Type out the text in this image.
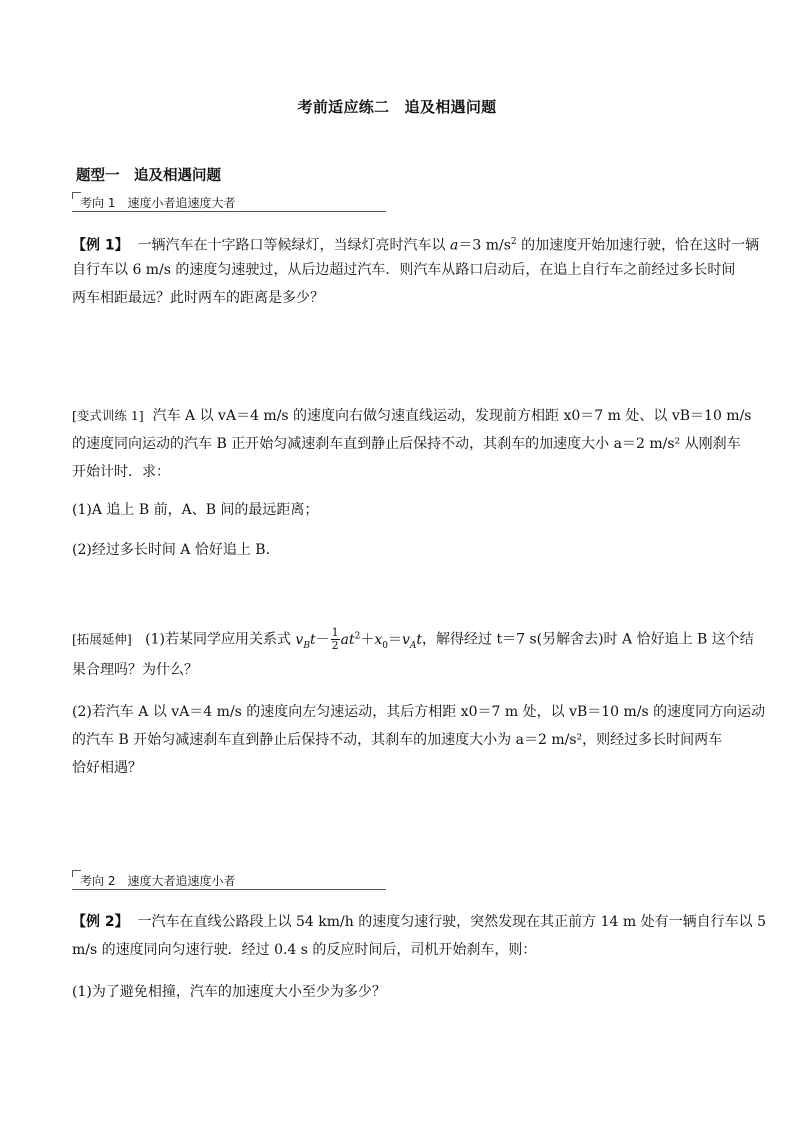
考前适应练二　追及相遇问题
题型一　追及相遇问题
考向 1　速度小者追速度大者
【例 1】 一辆汽车在十字路口等候绿灯，当绿灯亮时汽车以 a＝3 $m/s^2$ 的加速度开始加速行驶，恰在这时一辆
自行车以 6 m/s 的速度匀速驶过，从后边超过汽车．则汽车从路口启动后，在追上自行车之前经过多长时间
两车相距最远？此时两车的距离是多少？
[变式训练 1] 汽车 A 以 vA＝4 m/s 的速度向右做匀速直线运动，发现前方相距 x0＝7 m 处、以 vB＝10 m/s
的速度同向运动的汽车 B 正开始匀减速刹车直到静止后保持不动，其刹车的加速度大小 a＝2 m/s² 从刚刹车
开始计时．求：
(1)A 追上 B 前，A、B 间的最远距离；
(2)经过多长时间 A 恰好追上 B.
[拓展延伸] (1)若某同学应用关系式 $v_Bt- \frac{1}{2} at^2+x_0=v_At$，解得经过 t＝7 s(另解舍去)时 A 恰好追上 B 这个结
果合理吗？为什么？
(2)若汽车 A 以 vA＝4 m/s 的速度向左匀速运动，其后方相距 x0＝7 m 处，以 vB＝10 m/s 的速度同方向运动
的汽车 B 开始匀减速刹车直到静止后保持不动，其刹车的加速度大小为 a＝2 m/s²，则经过多长时间两车
恰好相遇？
考向 2　速度大者追速度小者
【例 2】 一汽车在直线公路段上以 54 km/h 的速度匀速行驶，突然发现在其正前方 14 m 处有一辆自行车以 5
m/s 的速度同向匀速行驶．经过 0.4 s 的反应时间后，司机开始刹车，则：
(1)为了避免相撞，汽车的加速度大小至少为多少？
